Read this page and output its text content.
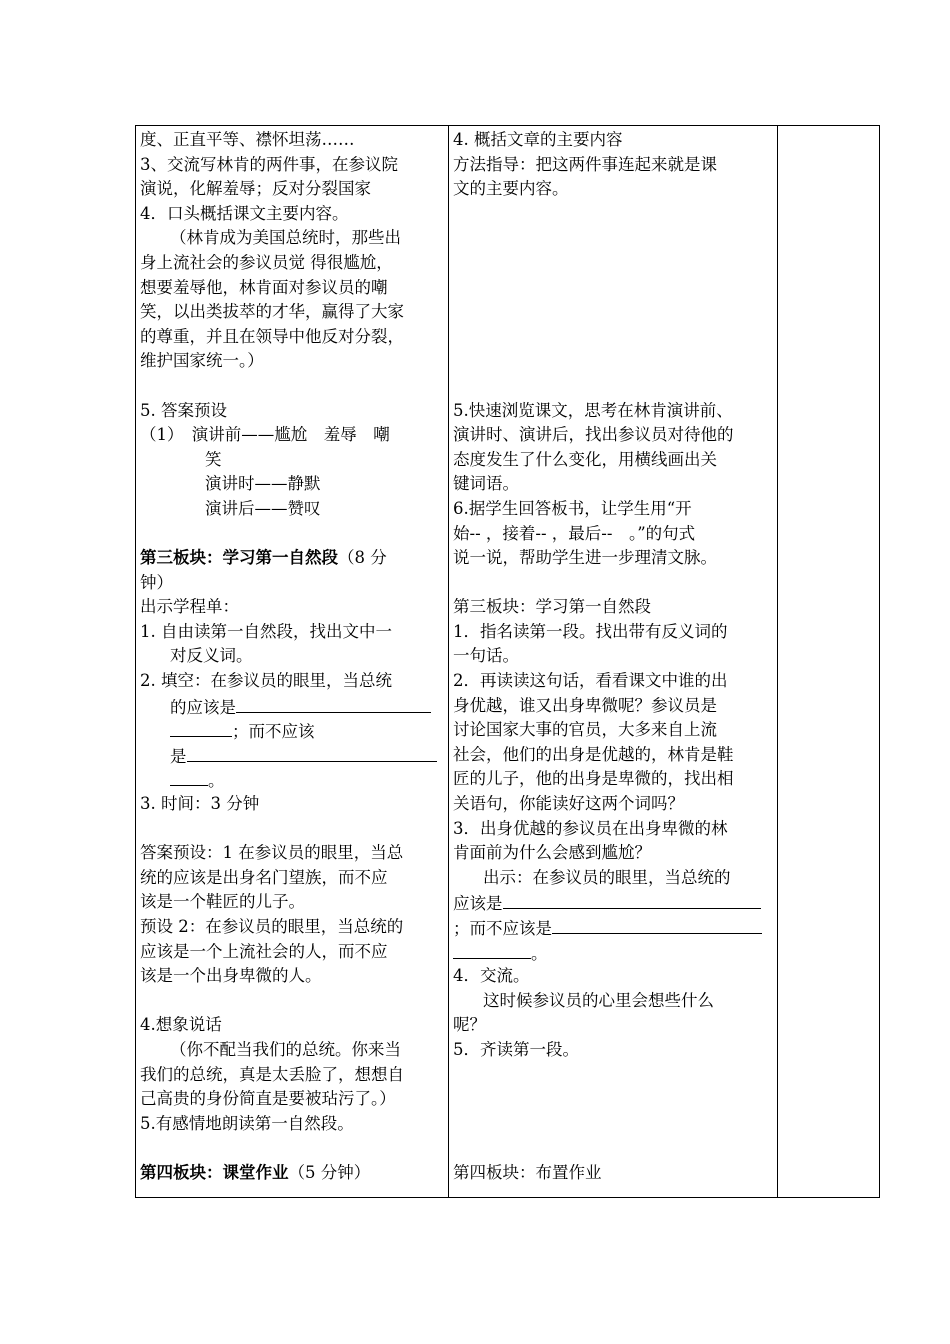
度、正直平等、襟怀坦荡……
3、交流写林肯的两件事，在参议院
演说，化解羞辱；反对分裂国家
4．口头概括课文主要内容。
（林肯成为美国总统时，那些出
身上流社会的参议员觉 得很尴尬，
想要羞辱他，林肯面对参议员的嘲
笑，以出类拔萃的才华，赢得了大家
的尊重，并且在领导中他反对分裂，
维护国家统一。）
5. 答案预设
（1）　演讲前——尴尬　羞辱　嘲
笑
演讲时——静默
演讲后——赞叹
第三板块：学习第一自然段（8 分
钟）
出示学程单：
1. 自由读第一自然段，找出文中一
对反义词。
2. 填空：在参议员的眼里，当总统
的应该是
；而不应该
是
。
3. 时间：3 分钟
答案预设：1 在参议员的眼里，当总
统的应该是出身名门望族，而不应
该是一个鞋匠的儿子。
预设 2：在参议员的眼里，当总统的
应该是一个上流社会的人，而不应
该是一个出身卑微的人。
4.想象说话
（你不配当我们的总统。你来当
我们的总统，真是太丢脸了，想想自
己高贵的身份简直是要被玷污了。）
5.有感情地朗读第一自然段。
第四板块：课堂作业（5 分钟）
4. 概括文章的主要内容
方法指导：把这两件事连起来就是课
文的主要内容。
5.快速浏览课文，思考在林肯演讲前、
演讲时、演讲后，找出参议员对待他的
态度发生了什么变化，用横线画出关
键词语。
6.据学生回答板书，让学生用“开
始-- ，接着-- ，最后--　。”的句式
说一说，帮助学生进一步理清文脉。
第三板块：学习第一自然段
1．指名读第一段。找出带有反义词的
一句话。
2．再读读这句话，看看课文中谁的出
身优越，谁又出身卑微呢？参议员是
讨论国家大事的官员，大多来自上流
社会，他们的出身是优越的，林肯是鞋
匠的儿子，他的出身是卑微的，找出相
关语句，你能读好这两个词吗？
3．出身优越的参议员在出身卑微的林
肯面前为什么会感到尴尬？
出示：在参议员的眼里，当总统的
应该是
；而不应该是
。
4．交流。
这时候参议员的心里会想些什么
呢？
5．齐读第一段。
第四板块：布置作业
